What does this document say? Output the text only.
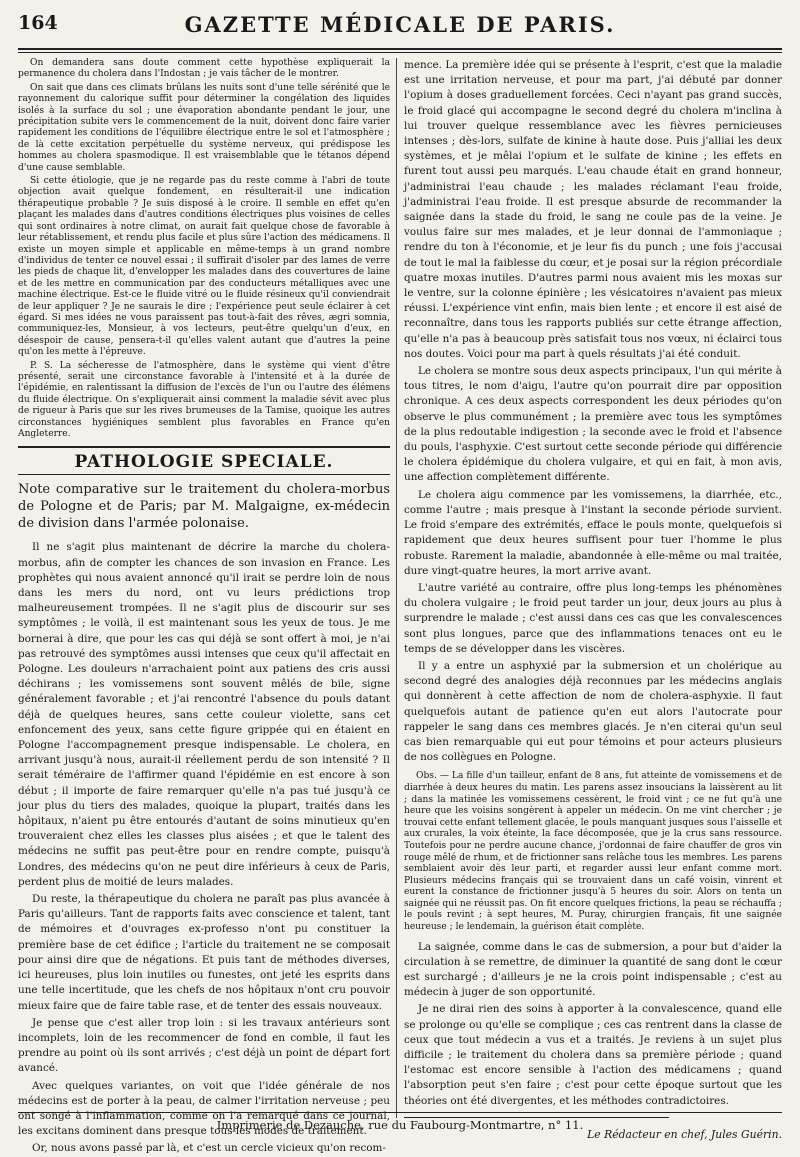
164	GAZETTE MÉDICALE DE PARIS.

On demandera sans doute comment cette hypothèse expliquerait la permanence du cholera dans l'Indostan ; je vais tâcher de le montrer.

On sait que dans ces climats brûlans les nuits sont d'une telle sérénité que le rayonnement du calorique suffit pour déterminer la congélation des liquides isolés à la surface du sol ; une évaporation abondante pendant le jour, une précipitation subite vers le commencement de la nuit, doivent donc faire varier rapidement les conditions de l'équilibre électrique entre le sol et l'atmosphère ; de là cette excitation perpétuelle du système nerveux, qui prédispose les hommes au cholera spasmodique. Il est vraisemblable que le tétanos dépend d'une cause semblable.

Si cette étiologie, que je ne regarde pas du reste comme à l'abri de toute objection avait quelque fondement, en résulterait-il une indication thérapeutique probable ? Je suis disposé à le croire. Il semble en effet qu'en plaçant les malades dans d'autres conditions électriques plus voisines de celles qui sont ordinaires à notre climat, on aurait fait quelque chose de favorable à leur rétablissement, et rendu plus facile et plus sûre l'action des médicamens. Il existe un moyen simple et applicable en même-temps à un grand nombre d'individus de tenter ce nouvel essai ; il suffirait d'isoler par des lames de verre les pieds de chaque lit, d'envelopper les malades dans des couvertures de laine et de les mettre en communication par des conducteurs métalliques avec une machine électrique. Est-ce le fluide vitré ou le fluide résineux qu'il conviendrait de leur appliquer ? Je ne saurais le dire ; l'expérience peut seule éclairer à cet égard. Si mes idées ne vous paraissent pas tout-à-fait des rêves, ægri somnia, communiquez-les, Monsieur, à vos lecteurs, peut-être quelqu'un d'eux, en désespoir de cause, pensera-t-il qu'elles valent autant que d'autres la peine qu'on les mette à l'épreuve.

P. S. La sécheresse de l'atmosphère, dans le système qui vient d'être présenté, serait une circonstance favorable à l'intensité et à la durée de l'épidémie, en ralentissant la diffusion de l'excès de l'un ou l'autre des élémens du fluide électrique. On s'expliquerait ainsi comment la maladie sévit avec plus de rigueur à Paris que sur les rives brumeuses de la Tamise, quoique les autres circonstances hygiéniques semblent plus favorables en France qu'en Angleterre.

PATHOLOGIE SPECIALE.

Note comparative sur le traitement du cholera-morbus de Pologne et de Paris; par M. Malgaigne, ex-médecin de division dans l'armée polonaise.

Il ne s'agit plus maintenant de décrire la marche du cholera-morbus, afin de compter les chances de son invasion en France. Les prophètes qui nous avaient annoncé qu'il irait se perdre loin de nous dans les mers du nord, ont vu leurs prédictions trop malheureusement trompées. Il ne s'agit plus de discourir sur ses symptômes ; le voilà, il est maintenant sous les yeux de tous. Je me bornerai à dire, que pour les cas qui déjà se sont offert à moi, je n'ai pas retrouvé des symptômes aussi intenses que ceux qu'il affectait en Pologne. Les douleurs n'arrachaient point aux patiens des cris aussi déchirans ; les vomissemens sont souvent mêlés de bile, signe généralement favorable ; et j'ai rencontré l'absence du pouls datant déjà de quelques heures, sans cette couleur violette, sans cet enfoncement des yeux, sans cette figure grippée qui en étaient en Pologne l'accompagnement presque indispensable. Le cholera, en arrivant jusqu'à nous, aurait-il réellement perdu de son intensité ? Il serait téméraire de l'affirmer quand l'épidémie en est encore à son début ; il importe de faire remarquer qu'elle n'a pas tué jusqu'à ce jour plus du tiers des malades, quoique la plupart, traités dans les hôpitaux, n'aient pu être entourés d'autant de soins minutieux qu'en trouveraient chez elles les classes plus aisées ; et que le talent des médecins ne suffit pas peut-être pour en rendre compte, puisqu'à Londres, des médecins qu'on ne peut dire inférieurs à ceux de Paris, perdent plus de moitié de leurs malades.

Du reste, la thérapeutique du cholera ne paraît pas plus avancée à Paris qu'ailleurs. Tant de rapports faits avec conscience et talent, tant de mémoires et d'ouvrages ex-professo n'ont pu constituer la première base de cet édifice ; l'article du traitement ne se composait pour ainsi dire que de négations. Et puis tant de méthodes diverses, ici heureuses, plus loin inutiles ou funestes, ont jeté les esprits dans une telle incertitude, que les chefs de nos hôpitaux n'ont cru pouvoir mieux faire que de faire table rase, et de tenter des essais nouveaux.

Je pense que c'est aller trop loin : si les travaux antérieurs sont incomplets, loin de les recommencer de fond en comble, il faut les prendre au point où ils sont arrivés ; c'est déjà un point de départ fort avancé.

Avec quelques variantes, on voit que l'idée générale de nos médecins est de porter à la peau, de calmer l'irritation nerveuse ; peu ont songé à l'inflammation, comme on l'a remarqué dans ce journal, les excitans dominent dans presque tous les modes de traitement.

Or, nous avons passé par là, et c'est un cercle vicieux qu'on recom-

mence. La première idée qui se présente à l'esprit, c'est que la maladie est une irritation nerveuse, et pour ma part, j'ai débuté par donner l'opium à doses graduellement forcées. Ceci n'ayant pas grand succès, le froid glacé qui accompagne le second degré du cholera m'inclina à lui trouver quelque ressemblance avec les fièvres pernicieuses intenses ; dès-lors, sulfate de kinine à haute dose. Puis j'alliai les deux systèmes, et je mêlai l'opium et le sulfate de kinine ; les effets en furent tout aussi peu marqués. L'eau chaude était en grand honneur, j'administrai l'eau chaude ; les malades réclamant l'eau froide, j'administrai l'eau froide. Il est presque absurde de recommander la saignée dans la stade du froid, le sang ne coule pas de la veine. Je voulus faire sur mes malades, et je leur donnai de l'ammoniaque ; rendre du ton à l'économie, et je leur fis du punch ; une fois j'accusai de tout le mal la faiblesse du cœur, et je posai sur la région précordiale quatre moxas inutiles. D'autres parmi nous avaient mis les moxas sur le ventre, sur la colonne épinière ; les vésicatoires n'avaient pas mieux réussi. L'expérience vint enfin, mais bien lente ; et encore il est aisé de reconnaître, dans tous les rapports publiés sur cette étrange affection, qu'elle n'a pas à beaucoup près satisfait tous nos vœux, ni éclairci tous nos doutes. Voici pour ma part à quels résultats j'ai été conduit.

Le cholera se montre sous deux aspects principaux, l'un qui mérite à tous titres, le nom d'aigu, l'autre qu'on pourrait dire par opposition chronique. A ces deux aspects correspondent les deux périodes qu'on observe le plus communément ; la première avec tous les symptômes de la plus redoutable indigestion ; la seconde avec le froid et l'absence du pouls, l'asphyxie. C'est surtout cette seconde période qui différencie le cholera épidémique du cholera vulgaire, et qui en fait, à mon avis, une affection complètement différente.

Le cholera aigu commence par les vomissemens, la diarrhée, etc., comme l'autre ; mais presque à l'instant la seconde période survient. Le froid s'empare des extrémités, efface le pouls monte, quelquefois si rapidement que deux heures suffisent pour tuer l'homme le plus robuste. Rarement la maladie, abandonnée à elle-même ou mal traitée, dure vingt-quatre heures, la mort arrive avant.

L'autre variété au contraire, offre plus long-temps les phénomènes du cholera vulgaire ; le froid peut tarder un jour, deux jours au plus à surprendre le malade ; c'est aussi dans ces cas que les convalescences sont plus longues, parce que des inflammations tenaces ont eu le temps de se développer dans les viscères.

Il y a entre un asphyxié par la submersion et un cholérique au second degré des analogies déjà reconnues par les médecins anglais qui donnèrent à cette affection de nom de cholera-asphyxie. Il faut quelquefois autant de patience qu'en eut alors l'autocrate pour rappeler le sang dans ces membres glacés. Je n'en citerai qu'un seul cas bien remarquable qui eut pour témoins et pour acteurs plusieurs de nos collègues en Pologne.

Obs. — La fille d'un tailleur, enfant de 8 ans, fut atteinte de vomissemens et de diarrhée à deux heures du matin. Les parens assez insoucians la laissèrent au lit ; dans la matinée les vomissemens cessèrent, le froid vint ; ce ne fut qu'à une heure que les voisins songèrent à appeler un médecin. On me vint chercher ; je trouvai cette enfant tellement glacée, le pouls manquant jusques sous l'aisselle et aux crurales, la voix éteinte, la face décomposée, que je la crus sans ressource. Toutefois pour ne perdre aucune chance, j'ordonnai de faire chauffer de gros vin rouge mêlé de rhum, et de frictionner sans relâche tous les membres. Les parens semblaient avoir dès leur parti, et regarder aussi leur enfant comme mort. Plusieurs médecins français qui se trouvaient dans un café voisin, vinrent et eurent la constance de frictionner jusqu'à 5 heures du soir. Alors on tenta un saignée qui ne réussit pas. On fit encore quelques frictions, la peau se réchauffa ; le pouls revint ; à sept heures, M. Puray, chirurgien français, fit une saignée heureuse ; le lendemain, la guérison était complète.

La saignée, comme dans le cas de submersion, a pour but d'aider la circulation à se remettre, de diminuer la quantité de sang dont le cœur est surchargé ; d'ailleurs je ne la crois point indispensable ; c'est au médecin à juger de son opportunité.

Je ne dirai rien des soins à apporter à la convalescence, quand elle se prolonge ou qu'elle se complique ; ces cas rentrent dans la classe de ceux que tout médecin a vus et a traités. Je reviens à un sujet plus difficile ; le traitement du cholera dans sa première période ; quand l'estomac est encore sensible à l'action des médicamens ; quand l'absorption peut s'en faire ; c'est pour cette époque surtout que les théories ont été divergentes, et les méthodes contradictoires.

Le Rédacteur en chef, Jules Guérin.
Imprimerie de Dezauche, rue du Faubourg-Montmartre, n° 11.
